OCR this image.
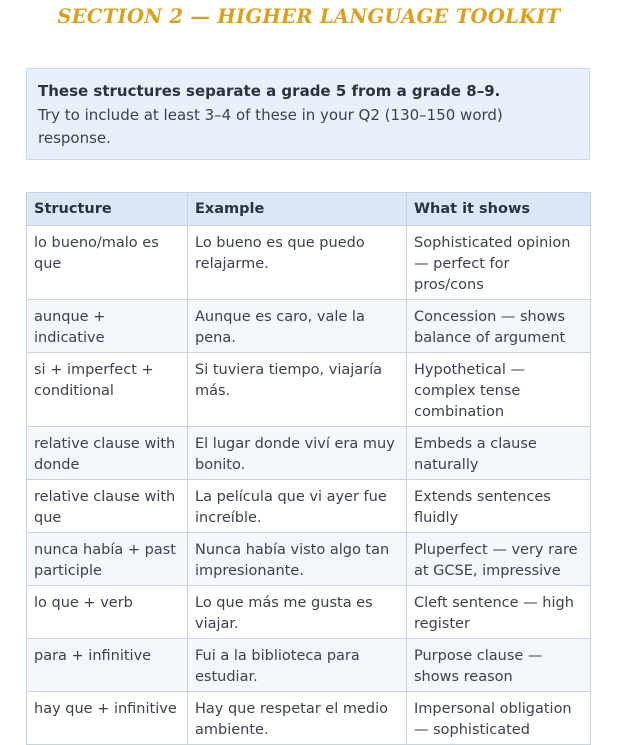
SECTION 2 — HIGHER LANGUAGE TOOLKIT
These structures separate a grade 5 from a grade 8–9.
Try to include at least 3–4 of these in your Q2 (130–150 word) response.
Structure	Example	What it shows
lo bueno/malo es que	Lo bueno es que puedo relajarme.	Sophisticated opinion — perfect for pros/cons
aunque + indicative	Aunque es caro, vale la pena.	Concession — shows balance of argument
si + imperfect + conditional	Si tuviera tiempo, viajaría más.	Hypothetical — complex tense combination
relative clause with donde	El lugar donde viví era muy bonito.	Embeds a clause naturally
relative clause with que	La película que vi ayer fue increíble.	Extends sentences fluidly
nunca había + past participle	Nunca había visto algo tan impresionante.	Pluperfect — very rare at GCSE, impressive
lo que + verb	Lo que más me gusta es viajar.	Cleft sentence — high register
para + infinitive	Fui a la biblioteca para estudiar.	Purpose clause — shows reason
hay que + infinitive	Hay que respetar el medio ambiente.	Impersonal obligation — sophisticated
